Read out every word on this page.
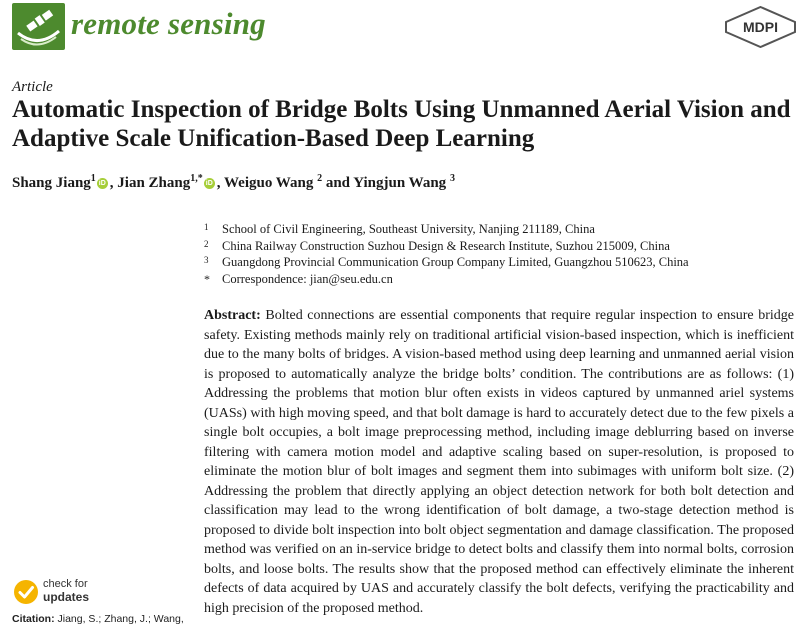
remote sensing	MDPI
Article
Automatic Inspection of Bridge Bolts Using Unmanned Aerial Vision and Adaptive Scale Unification-Based Deep Learning
Shang Jiang$^1$ iD , Jian Zhang$^{1,*}$ iD , Weiguo Wang $^2$ and Yingjun Wang $^3$
1	School of Civil Engineering, Southeast University, Nanjing 211189, China
2	China Railway Construction Suzhou Design & Research Institute, Suzhou 215009, China
3	Guangdong Provincial Communication Group Company Limited, Guangzhou 510623, China
* Correspondence: jian@seu.edu.cn

Abstract: Bolted connections are essential components that require regular inspection to ensure bridge safety. Existing methods mainly rely on traditional artificial vision-based inspection, which is inefficient due to the many bolts of bridges. A vision-based method using deep learning and unmanned aerial vision is proposed to automatically analyze the bridge bolts’ condition. The contributions are as follows: (1) Addressing the problems that motion blur often exists in videos captured by unmanned ariel systems (UASs) with high moving speed, and that bolt damage is hard to accurately detect due to the few pixels a single bolt occupies, a bolt image preprocessing method, including image deblurring based on inverse filtering with camera motion model and adaptive scaling based on super-resolution, is proposed to eliminate the motion blur of bolt images and segment them into subimages with uniform bolt size. (2) Addressing the problem that directly applying an object detection network for both bolt detection and classification may lead to the wrong identification of bolt damage, a two-stage detection method is proposed to divide bolt inspection into bolt object segmentation and damage classification. The proposed method was verified on an in-service bridge to detect bolts and classify them into normal bolts, corrosion bolts, and loose bolts. The results show that the proposed method can effectively eliminate the inherent defects of data acquired by UAS and accurately classify the bolt defects, verifying the practicability and high precision of the proposed method.

check for
updates
Citation: Jiang, S.; Zhang, J.; Wang,
